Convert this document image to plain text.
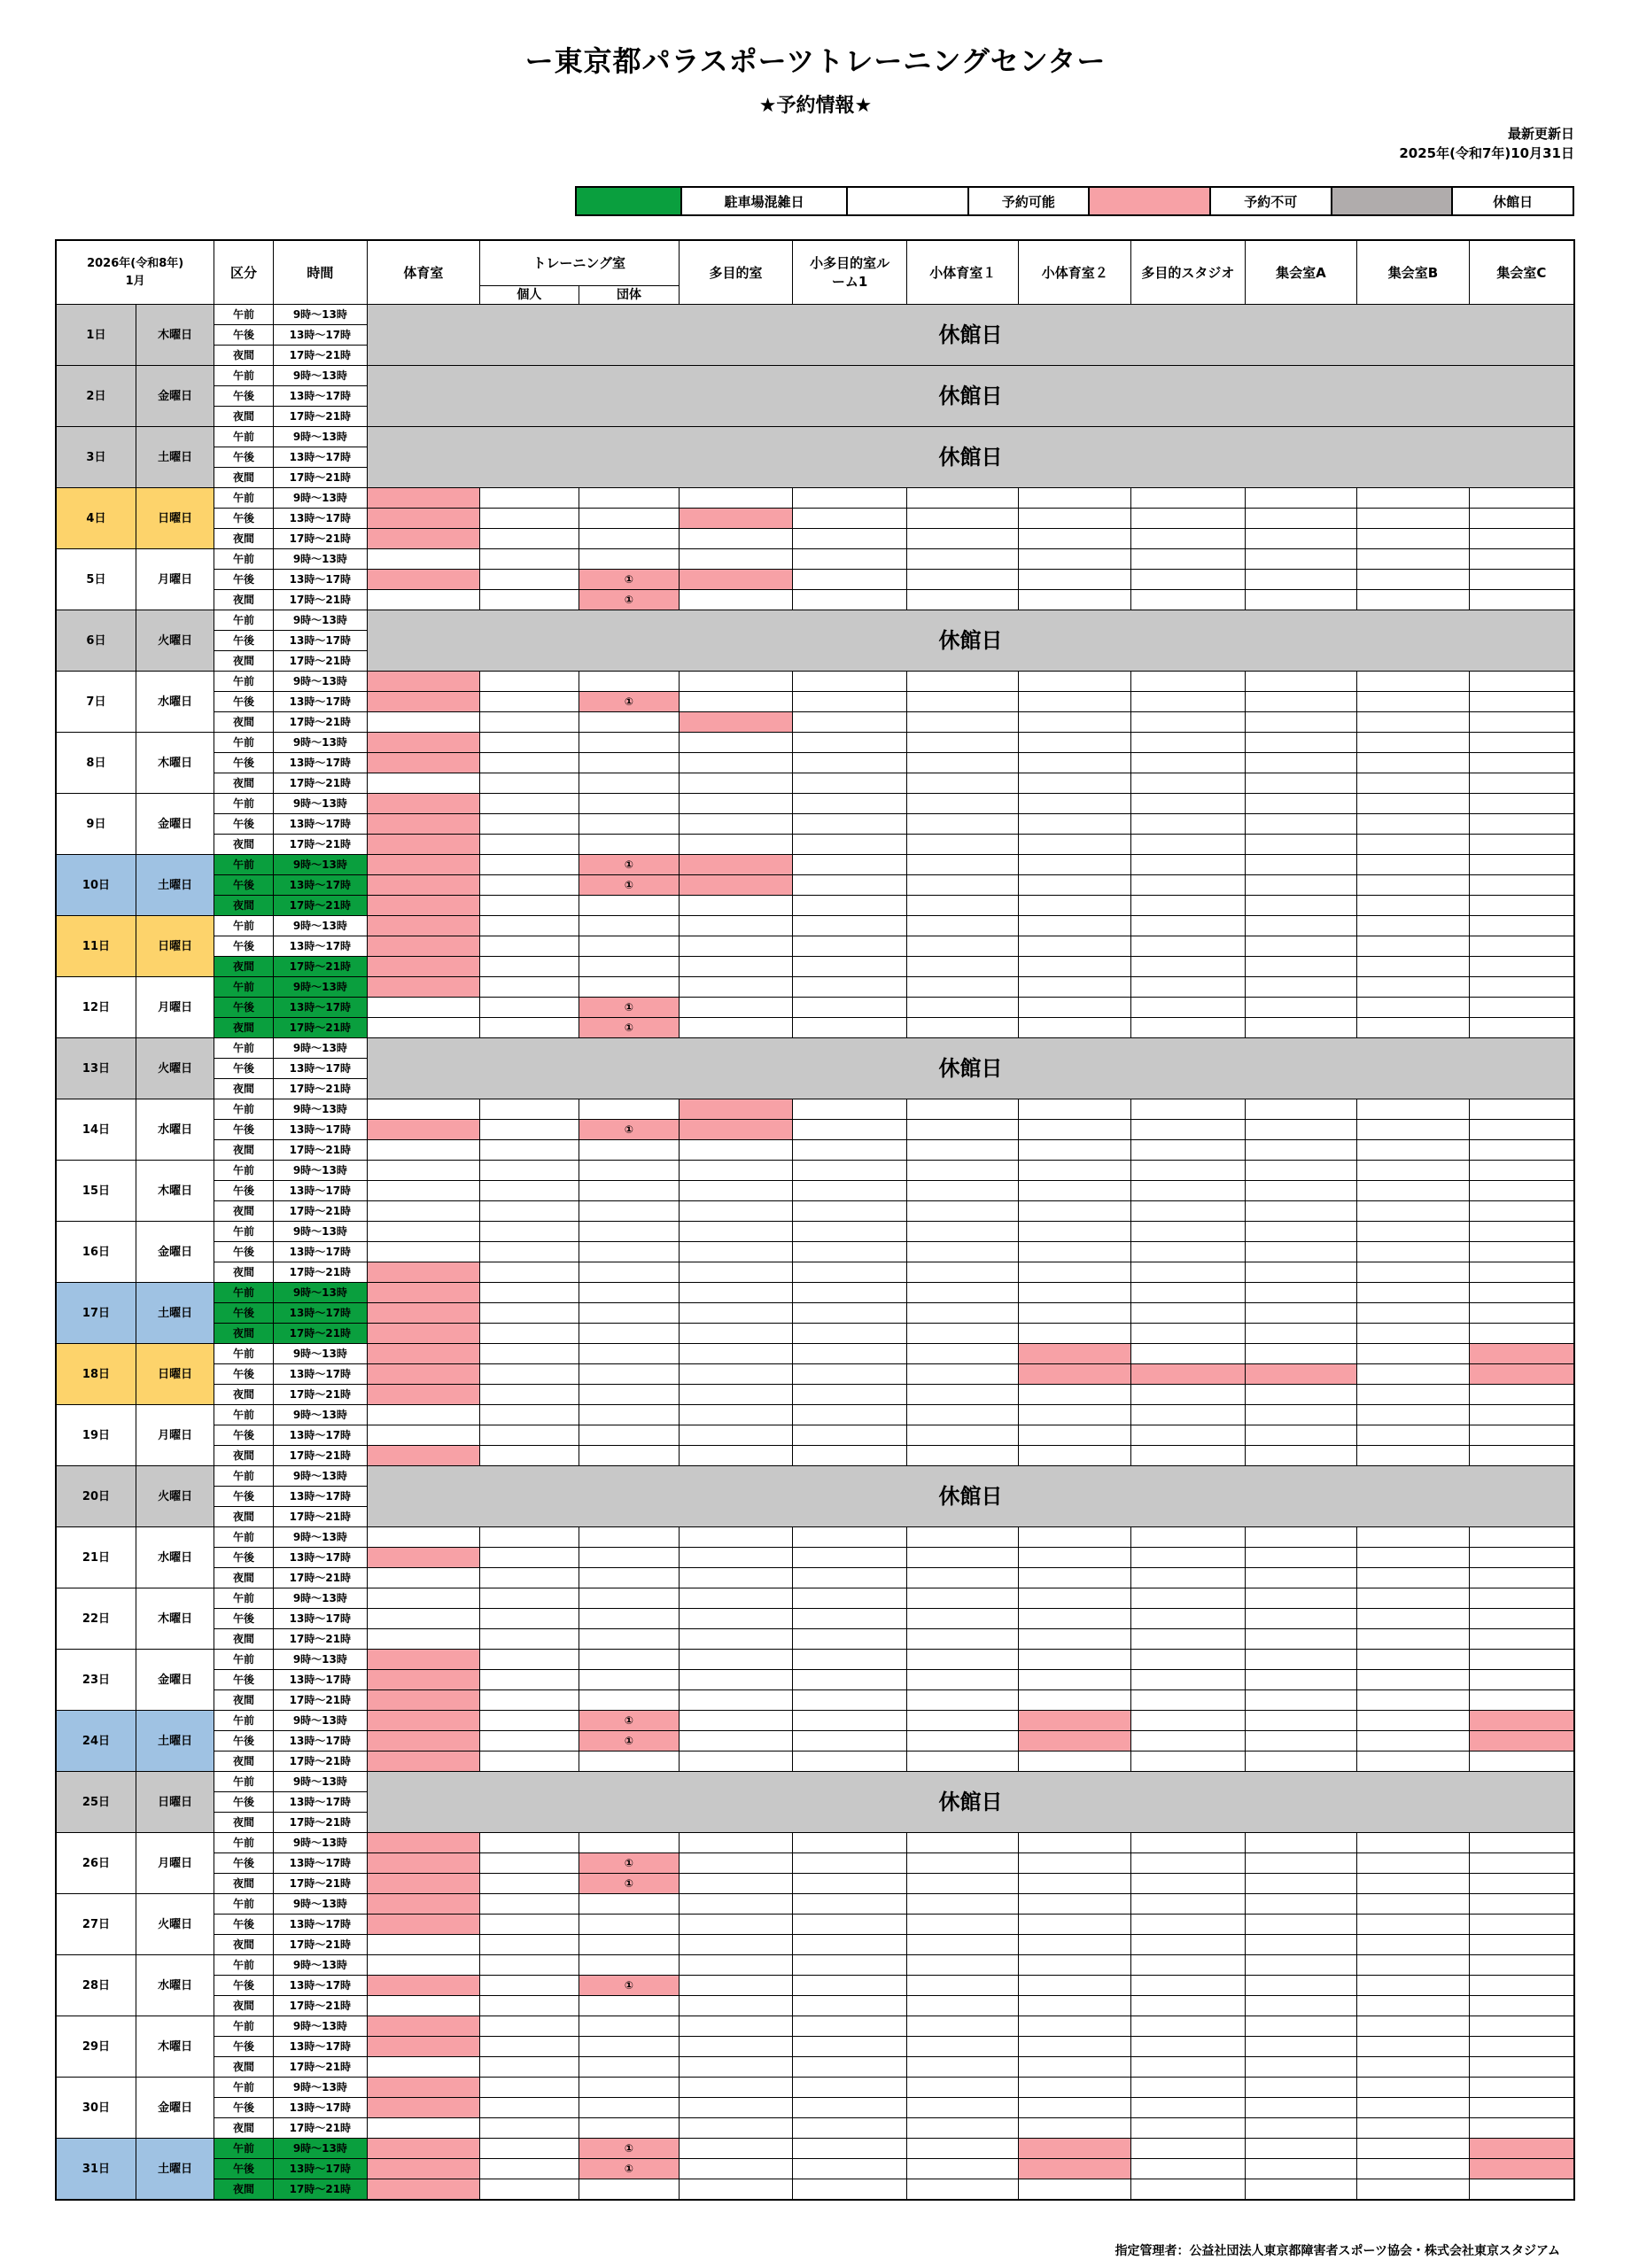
ー東京都パラスポーツトレーニングセンター
★予約情報★
最新更新日
2025年(令和7年)10月31日
	駐車場混雑日		予約可能		予約不可		休館日
2026年(令和8年)
1月		区分	時間	体育室	トレーニング室		多目的室	小多目的室ルーム1	小体育室１	小体育室２	多目的スタジオ	集会室A	集会室B	集会室C
					個人	団体								
1日	木曜日	午前	9時～13時	休館日										
		午後	13時～17時											
		夜間	17時～21時											
2日	金曜日	午前	9時～13時	休館日										
		午後	13時～17時											
		夜間	17時～21時											
3日	土曜日	午前	9時～13時	休館日										
		午後	13時～17時											
		夜間	17時～21時											
4日	日曜日	午前	9時～13時											
		午後	13時～17時											
		夜間	17時～21時											
5日	月曜日	午前	9時～13時											
		午後	13時～17時			①								
		夜間	17時～21時			①								
6日	火曜日	午前	9時～13時	休館日										
		午後	13時～17時											
		夜間	17時～21時											
7日	水曜日	午前	9時～13時											
		午後	13時～17時			①								
		夜間	17時～21時											
8日	木曜日	午前	9時～13時											
		午後	13時～17時											
		夜間	17時～21時											
9日	金曜日	午前	9時～13時											
		午後	13時～17時											
		夜間	17時～21時											
10日	土曜日	午前	9時～13時			①								
		午後	13時～17時			①								
		夜間	17時～21時											
11日	日曜日	午前	9時～13時											
		午後	13時～17時											
		夜間	17時～21時											
12日	月曜日	午前	9時～13時											
		午後	13時～17時			①								
		夜間	17時～21時			①								
13日	火曜日	午前	9時～13時	休館日										
		午後	13時～17時											
		夜間	17時～21時											
14日	水曜日	午前	9時～13時											
		午後	13時～17時			①								
		夜間	17時～21時											
15日	木曜日	午前	9時～13時											
		午後	13時～17時											
		夜間	17時～21時											
16日	金曜日	午前	9時～13時											
		午後	13時～17時											
		夜間	17時～21時											
17日	土曜日	午前	9時～13時											
		午後	13時～17時											
		夜間	17時～21時											
18日	日曜日	午前	9時～13時											
		午後	13時～17時											
		夜間	17時～21時											
19日	月曜日	午前	9時～13時											
		午後	13時～17時											
		夜間	17時～21時											
20日	火曜日	午前	9時～13時	休館日										
		午後	13時～17時											
		夜間	17時～21時											
21日	水曜日	午前	9時～13時											
		午後	13時～17時											
		夜間	17時～21時											
22日	木曜日	午前	9時～13時											
		午後	13時～17時											
		夜間	17時～21時											
23日	金曜日	午前	9時～13時											
		午後	13時～17時											
		夜間	17時～21時											
24日	土曜日	午前	9時～13時			①								
		午後	13時～17時			①								
		夜間	17時～21時											
25日	日曜日	午前	9時～13時	休館日										
		午後	13時～17時											
		夜間	17時～21時											
26日	月曜日	午前	9時～13時											
		午後	13時～17時			①								
		夜間	17時～21時			①								
27日	火曜日	午前	9時～13時											
		午後	13時～17時											
		夜間	17時～21時											
28日	水曜日	午前	9時～13時											
		午後	13時～17時			①								
		夜間	17時～21時											
29日	木曜日	午前	9時～13時											
		午後	13時～17時											
		夜間	17時～21時											
30日	金曜日	午前	9時～13時											
		午後	13時～17時											
		夜間	17時～21時											
31日	土曜日	午前	9時～13時			①								
		午後	13時～17時			①								
		夜間	17時～21時											
指定管理者：公益社団法人東京都障害者スポーツ協会・株式会社東京スタジアム
